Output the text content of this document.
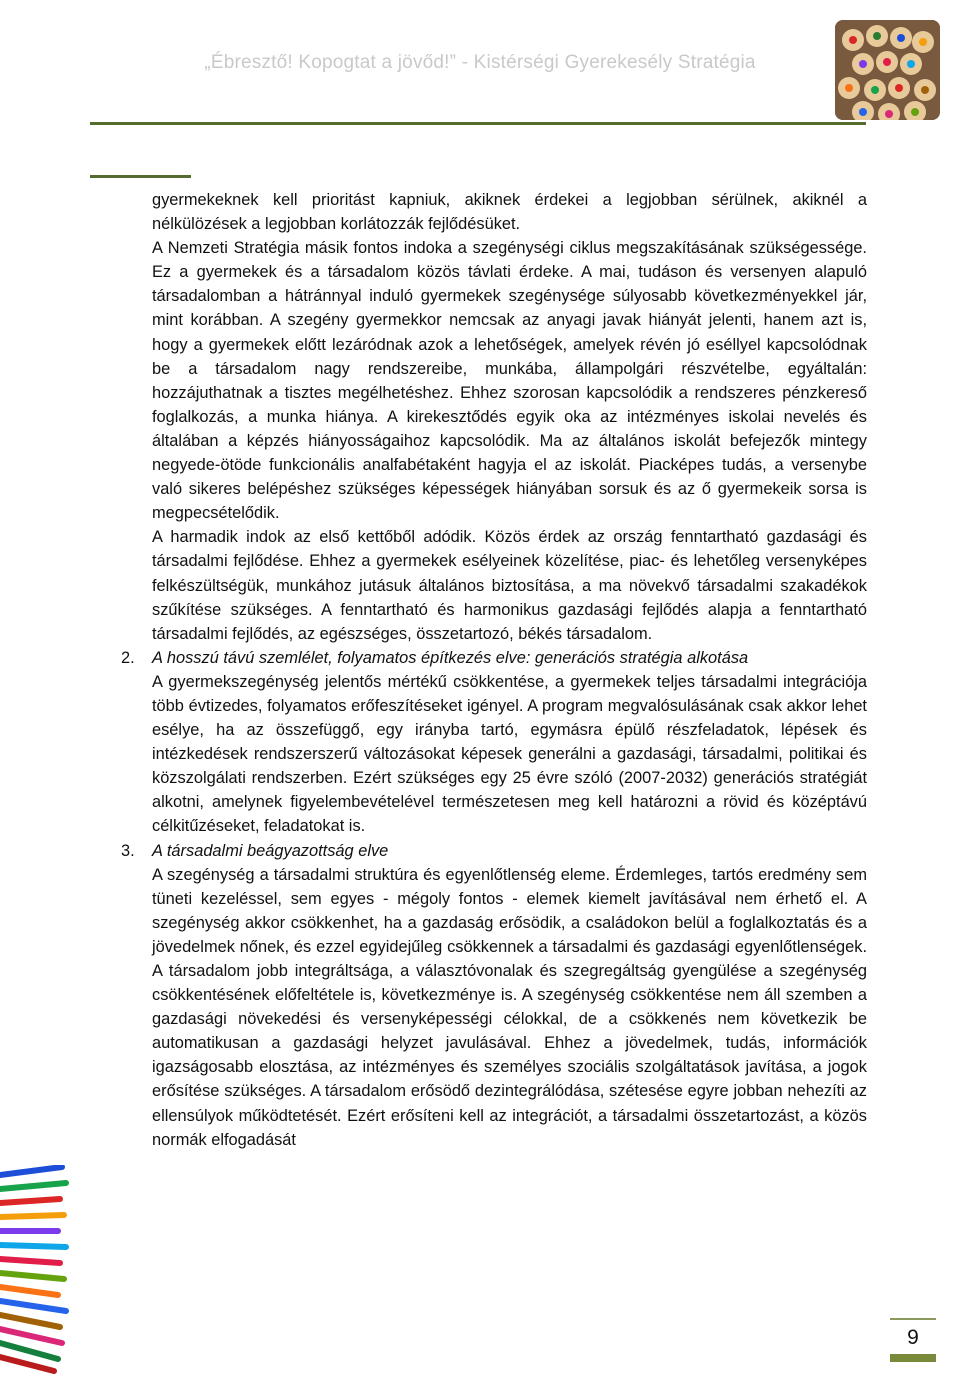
„Ébresztő! Kopogtat a jövőd!” - Kistérségi Gyerekesély Stratégia

gyermekeknek kell prioritást kapniuk, akiknek érdekei a legjobban sérülnek, akiknél a nélkülözések a legjobban korlátozzák fejlődésüket.

A Nemzeti Stratégia másik fontos indoka a szegénységi ciklus megszakításának szükségessége. Ez a gyermekek és a társadalom közös távlati érdeke. A mai, tudáson és versenyen alapuló társadalomban a hátránnyal induló gyermekek szegénysége súlyosabb következményekkel jár, mint korábban. A szegény gyermekkor nemcsak az anyagi javak hiányát jelenti, hanem azt is, hogy a gyermekek előtt lezáródnak azok a lehetőségek, amelyek révén jó eséllyel kapcsolódnak be a társadalom nagy rendszereibe, munkába, állampolgári részvételbe, egyáltalán: hozzájuthatnak a tisztes megélhetéshez. Ehhez szorosan kapcsolódik a rendszeres pénzkereső foglalkozás, a munka hiánya. A kirekesztődés egyik oka az intézményes iskolai nevelés és általában a képzés hiányosságaihoz kapcsolódik. Ma az általános iskolát befejezők mintegy negyede-ötöde funkcionális analfabétaként hagyja el az iskolát. Piacképes tudás, a versenybe való sikeres belépéshez szükséges képességek hiányában sorsuk és az ő gyermekeik sorsa is megpecsételődik.

A harmadik indok az első kettőből adódik. Közös érdek az ország fenntartható gazdasági és társadalmi fejlődése. Ehhez a gyermekek esélyeinek közelítése, piac- és lehetőleg versenyképes felkészültségük, munkához jutásuk általános biztosítása, a ma növekvő társadalmi szakadékok szűkítése szükséges. A fenntartható és harmonikus gazdasági fejlődés alapja a fenntartható társadalmi fejlődés, az egészséges, összetartozó, békés társadalom.

2. A hosszú távú szemlélet, folyamatos építkezés elve: generációs stratégia alkotása

A gyermekszegénység jelentős mértékű csökkentése, a gyermekek teljes társadalmi integrációja több évtizedes, folyamatos erőfeszítéseket igényel. A program megvalósulásának csak akkor lehet esélye, ha az összefüggő, egy irányba tartó, egymásra épülő részfeladatok, lépések és intézkedések rendszerszerű változásokat képesek generálni a gazdasági, társadalmi, politikai és közszolgálati rendszerben. Ezért szükséges egy 25 évre szóló (2007-2032) generációs stratégiát alkotni, amelynek figyelembevételével természetesen meg kell határozni a rövid és középtávú célkitűzéseket, feladatokat is.

3. A társadalmi beágyazottság elve

A szegénység a társadalmi struktúra és egyenlőtlenség eleme. Érdemleges, tartós eredmény sem tüneti kezeléssel, sem egyes - mégoly fontos - elemek kiemelt javításával nem érhető el. A szegénység akkor csökkenhet, ha a gazdaság erősödik, a családokon belül a foglalkoztatás és a jövedelmek nőnek, és ezzel egyidejűleg csökkennek a társadalmi és gazdasági egyenlőtlenségek. A társadalom jobb integráltsága, a választóvonalak és szegregáltság gyengülése a szegénység csökkentésének előfeltétele is, következménye is. A szegénység csökkentése nem áll szemben a gazdasági növekedési és versenyképességi célokkal, de a csökkenés nem következik be automatikusan a gazdasági helyzet javulásával. Ehhez a jövedelmek, tudás, információk igazságosabb elosztása, az intézményes és személyes szociális szolgáltatások javítása, a jogok erősítése szükséges. A társadalom erősödő dezintegrálódása, szétesése egyre jobban nehezíti az ellensúlyok működtetését. Ezért erősíteni kell az integrációt, a társadalmi összetartozást, a közös normák elfogadását

9
